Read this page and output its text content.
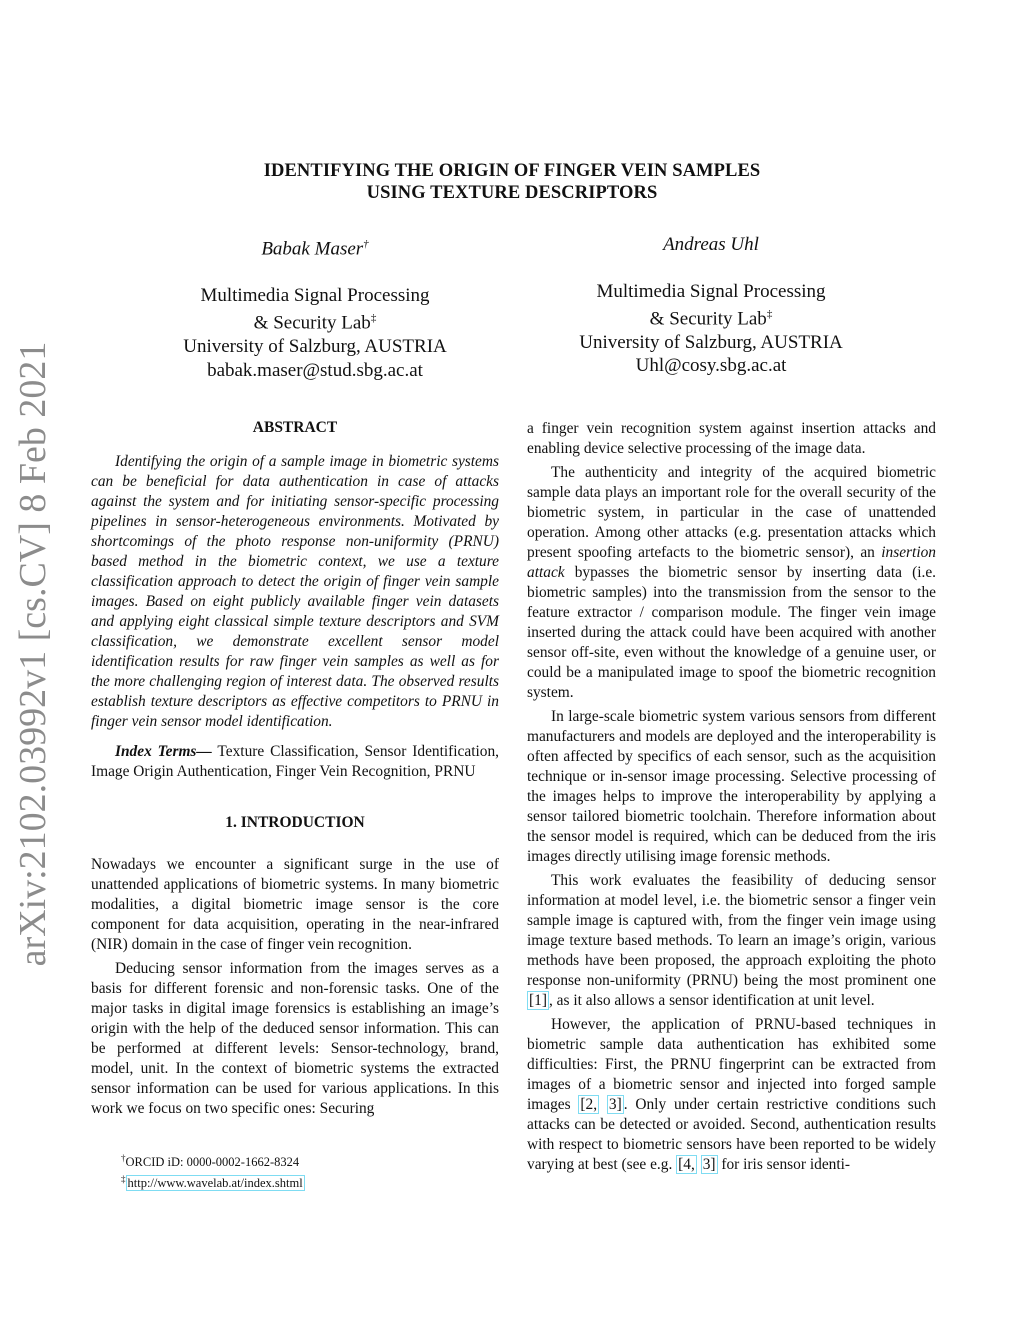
arXiv:2102.03992v1 [cs.CV] 8 Feb 2021
IDENTIFYING THE ORIGIN OF FINGER VEIN SAMPLES
USING TEXTURE DESCRIPTORS
Babak Maser†
Multimedia Signal Processing
& Security Lab‡
University of Salzburg, AUSTRIA
babak.maser@stud.sbg.ac.at
Andreas Uhl
Multimedia Signal Processing
& Security Lab‡
University of Salzburg, AUSTRIA
Uhl@cosy.sbg.ac.at

ABSTRACT

Identifying the origin of a sample image in biometric systems can be beneficial for data authentication in case of attacks against the system and for initiating sensor-specific processing pipelines in sensor-heterogeneous environments. Motivated by shortcomings of the photo response non-uniformity (PRNU) based method in the biometric context, we use a texture classification approach to detect the origin of finger vein sample images. Based on eight publicly available finger vein datasets and applying eight classical simple texture descriptors and SVM classification, we demonstrate excellent sensor model identification results for raw finger vein samples as well as for the more challenging region of interest data. The observed results establish texture descriptors as effective competitors to PRNU in finger vein sensor model identification.

Index Terms— Texture Classification, Sensor Identification, Image Origin Authentication, Finger Vein Recognition, PRNU

1. INTRODUCTION

Nowadays we encounter a significant surge in the use of unattended applications of biometric systems. In many biometric modalities, a digital biometric image sensor is the core component for data acquisition, operating in the near-infrared (NIR) domain in the case of finger vein recognition.

Deducing sensor information from the images serves as a basis for different forensic and non-forensic tasks. One of the major tasks in digital image forensics is establishing an image’s origin with the help of the deduced sensor information. This can be performed at different levels: Sensor-technology, brand, model, unit. In the context of biometric systems the extracted sensor information can be used for various applications. In this work we focus on two specific ones: Securing

a finger vein recognition system against insertion attacks and enabling device selective processing of the image data.

The authenticity and integrity of the acquired biometric sample data plays an important role for the overall security of the biometric system, in particular in the case of unattended operation. Among other attacks (e.g. presentation attacks which present spoofing artefacts to the biometric sensor), an insertion attack bypasses the biometric sensor by inserting data (i.e. biometric samples) into the transmission from the sensor to the feature extractor / comparison module. The finger vein image inserted during the attack could have been acquired with another sensor off-site, even without the knowledge of a genuine user, or could be a manipulated image to spoof the biometric recognition system.

In large-scale biometric system various sensors from different manufacturers and models are deployed and the interoperability is often affected by specifics of each sensor, such as the acquisition technique or in-sensor image processing. Selective processing of the images helps to improve the interoperability by applying a sensor tailored biometric toolchain. Therefore information about the sensor model is required, which can be deduced from the iris images directly utilising image forensic methods.

This work evaluates the feasibility of deducing sensor information at model level, i.e. the biometric sensor a finger vein sample image is captured with, from the finger vein image using image texture based methods. To learn an image’s origin, various methods have been proposed, the approach exploiting the photo response non-uniformity (PRNU) being the most prominent one [1] , as it also allows a sensor identification at unit level.

However, the application of PRNU-based techniques in biometric sample data authentication has exhibited some difficulties: First, the PRNU fingerprint can be extracted from images of a biometric sensor and injected into forged sample images [2, 3] . Only under certain restrictive conditions such attacks can be detected or avoided. Second, authentication results with respect to biometric sensors have been reported to be widely varying at best (see e.g. [4, 3] for iris sensor identi-

†ORCID iD: 0000-0002-1662-8324
‡ http://www.wavelab.at/index.shtml
